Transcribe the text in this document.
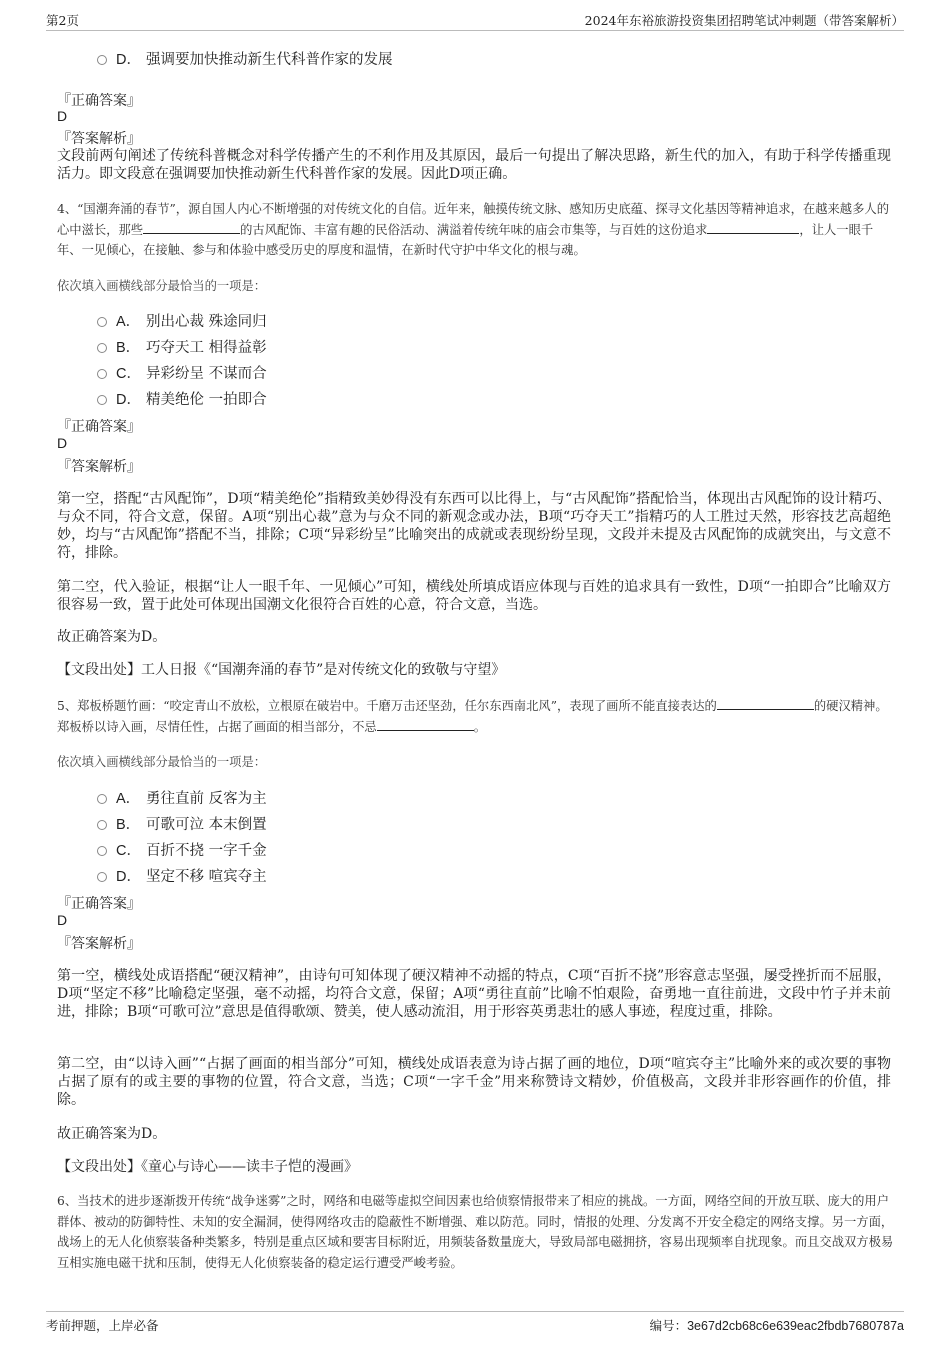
第2页	2024年东裕旅游投资集团招聘笔试冲刺题（带答案解析）
D． 强调要加快推动新生代科普作家的发展
『正确答案』
D
『答案解析』
文段前两句阐述了传统科普概念对科学传播产生的不利作用及其原因，最后一句提出了解决思路，新生代的加入，有助于科学传播重现活力。即文段意在强调要加快推动新生代科普作家的发展。因此D项正确。
4、“国潮奔涌的春节”，源自国人内心不断增强的对传统文化的自信。近年来，触摸传统文脉、感知历史底蕴、探寻文化基因等精神追求，在越来越多人的心中滋长，那些	的古风配饰、丰富有趣的民俗活动、满溢着传统年味的庙会市集等，与百姓的这份追求	，让人一眼千年、一见倾心，在接触、参与和体验中感受历史的厚度和温情，在新时代守护中华文化的根与魂。
依次填入画横线部分最恰当的一项是：
A． 别出心裁 殊途同归
B． 巧夺天工 相得益彰
C． 异彩纷呈 不谋而合
D． 精美绝伦 一拍即合
『正确答案』
D
『答案解析』
第一空，搭配“古风配饰”，D项“精美绝伦”指精致美妙得没有东西可以比得上，与“古风配饰”搭配恰当，体现出古风配饰的设计精巧、与众不同，符合文意，保留。A项“别出心裁”意为与众不同的新观念或办法，B项“巧夺天工”指精巧的人工胜过天然，形容技艺高超绝妙，均与“古风配饰”搭配不当，排除；C项“异彩纷呈”比喻突出的成就或表现纷纷呈现，文段并未提及古风配饰的成就突出，与文意不符，排除。
第二空，代入验证，根据“让人一眼千年、一见倾心”可知，横线处所填成语应体现与百姓的追求具有一致性，D项“一拍即合”比喻双方很容易一致，置于此处可体现出国潮文化很符合百姓的心意，符合文意，当选。
故正确答案为D。
【文段出处】工人日报《“国潮奔涌的春节”是对传统文化的致敬与守望》
5、郑板桥题竹画：“咬定青山不放松，立根原在破岩中。千磨万击还坚劲，任尔东西南北风”，表现了画所不能直接表达的	的硬汉精神。郑板桥以诗入画，尽情任性，占据了画面的相当部分，不忌	。
依次填入画横线部分最恰当的一项是：
A． 勇往直前 反客为主
B． 可歌可泣 本末倒置
C． 百折不挠 一字千金
D． 坚定不移 喧宾夺主
『正确答案』
D
『答案解析』
第一空，横线处成语搭配“硬汉精神”，由诗句可知体现了硬汉精神不动摇的特点，C项“百折不挠”形容意志坚强，屡受挫折而不屈服，D项“坚定不移”比喻稳定坚强，毫不动摇，均符合文意，保留；A项“勇往直前”比喻不怕艰险，奋勇地一直往前进，文段中竹子并未前进，排除；B项“可歌可泣”意思是值得歌颂、赞美，使人感动流泪，用于形容英勇悲壮的感人事迹，程度过重，排除。
第二空，由“以诗入画”“占据了画面的相当部分”可知，横线处成语表意为诗占据了画的地位，D项“喧宾夺主”比喻外来的或次要的事物占据了原有的或主要的事物的位置，符合文意，当选；C项“一字千金”用来称赞诗文精妙，价值极高，文段并非形容画作的价值，排除。
故正确答案为D。
【文段出处】《童心与诗心——读丰子恺的漫画》
6、当技术的进步逐渐拨开传统“战争迷雾”之时，网络和电磁等虚拟空间因素也给侦察情报带来了相应的挑战。一方面，网络空间的开放互联、庞大的用户群体、被动的防御特性、未知的安全漏洞，使得网络攻击的隐蔽性不断增强、难以防范。同时，情报的处理、分发离不开安全稳定的网络支撑。另一方面，战场上的无人化侦察装备种类繁多，特别是重点区域和要害目标附近，用频装备数量庞大，导致局部电磁拥挤，容易出现频率自扰现象。而且交战双方极易互相实施电磁干扰和压制，使得无人化侦察装备的稳定运行遭受严峻考验。
考前押题，上岸必备	编号：3e67d2cb68c6e639eac2fbdb7680787a
